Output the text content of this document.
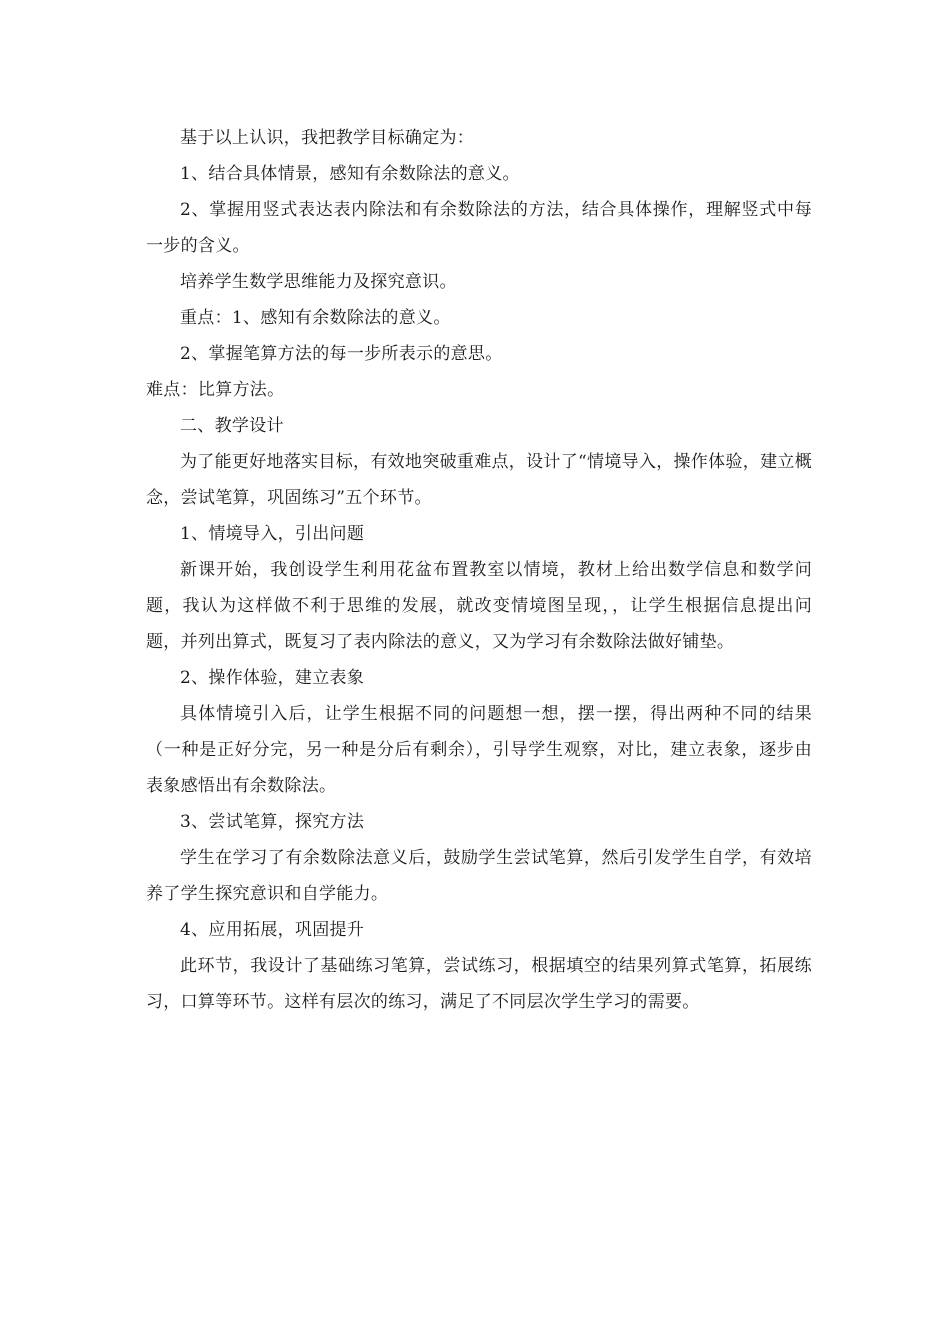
基于以上认识，我把教学目标确定为：

1、结合具体情景，感知有余数除法的意义。

2、掌握用竖式表达表内除法和有余数除法的方法，结合具体操作，理解竖式中每一步的含义。

培养学生数学思维能力及探究意识。

重点：1、感知有余数除法的意义。

2、掌握笔算方法的每一步所表示的意思。

难点：比算方法。

二、教学设计

为了能更好地落实目标，有效地突破重难点，设计了“情境导入，操作体验，建立概念，尝试笔算，巩固练习”五个环节。

1、情境导入，引出问题

新课开始，我创设学生利用花盆布置教室以情境，教材上给出数学信息和数学问题，我认为这样做不利于思维的发展，就改变情境图呈现，，让学生根据信息提出问题，并列出算式，既复习了表内除法的意义，又为学习有余数除法做好铺垫。

2、操作体验，建立表象

具体情境引入后，让学生根据不同的问题想一想，摆一摆，得出两种不同的结果（一种是正好分完，另一种是分后有剩余），引导学生观察，对比，建立表象，逐步由表象感悟出有余数除法。

3、尝试笔算，探究方法

学生在学习了有余数除法意义后，鼓励学生尝试笔算，然后引发学生自学，有效培养了学生探究意识和自学能力。

4、应用拓展，巩固提升

此环节，我设计了基础练习笔算，尝试练习，根据填空的结果列算式笔算，拓展练习，口算等环节。这样有层次的练习，满足了不同层次学生学习的需要。
